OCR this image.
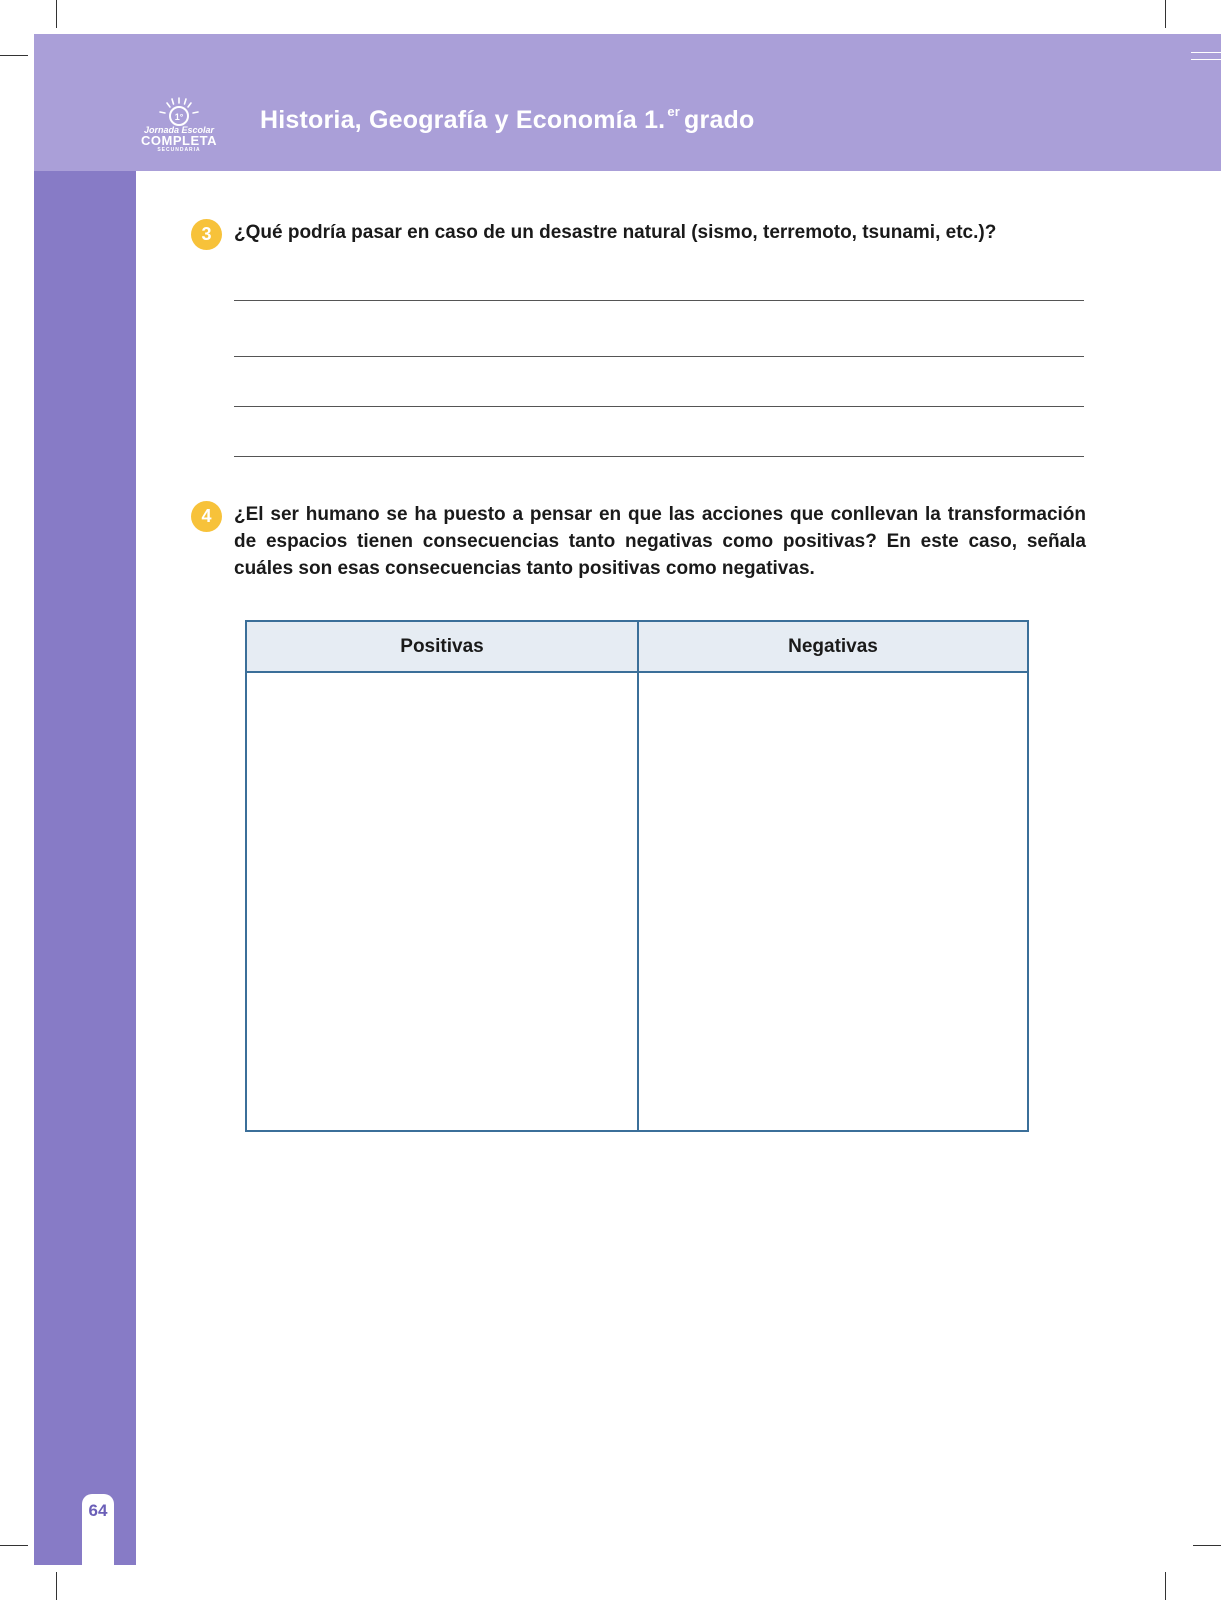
1°
Jornada Escolar
COMPLETA
SECUNDARIA
Historia, Geografía y Economía 1. $^{er}$ grado
3	¿Qué podría pasar en caso de un desastre natural (sismo, terremoto, tsunami, etc.)?
4	¿El ser humano se ha puesto a pensar en que las acciones que conllevan la transformación de espacios tienen consecuencias tanto negativas como positivas? En este caso, señala cuáles son esas consecuencias tanto positivas como negativas.
Positivas	Negativas
64
